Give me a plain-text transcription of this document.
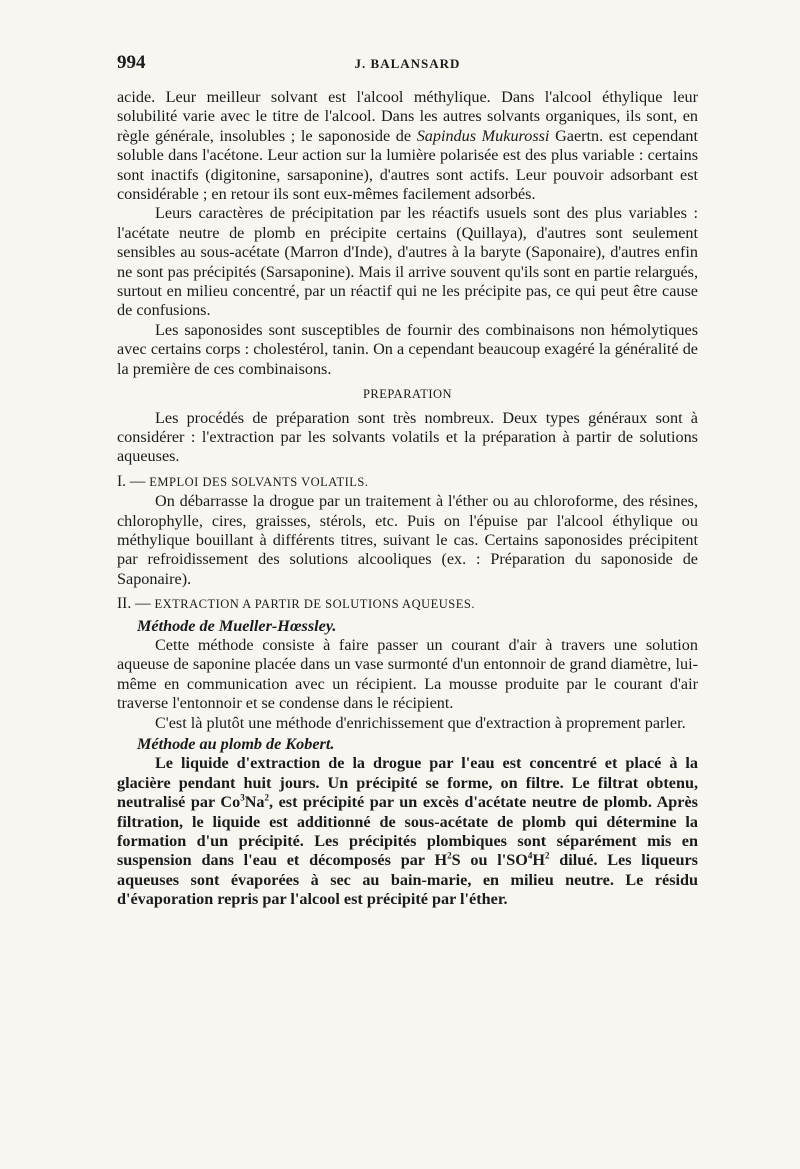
994	J. BALANSARD

acide. Leur meilleur solvant est l'alcool méthylique. Dans l'alcool éthylique leur solubilité varie avec le titre de l'alcool. Dans les autres solvants organiques, ils sont, en règle générale, insolubles ; le saponoside de Sapindus Mukurossi Gaertn. est cependant soluble dans l'acétone. Leur action sur la lumière polarisée est des plus variable : certains sont inactifs (digitonine, sarsaponine), d'autres sont actifs. Leur pouvoir adsorbant est considérable ; en retour ils sont eux-mêmes facilement adsorbés.

Leurs caractères de précipitation par les réactifs usuels sont des plus variables : l'acétate neutre de plomb en précipite certains (Quillaya), d'autres sont seulement sensibles au sous-acétate (Marron d'Inde), d'autres à la baryte (Saponaire), d'autres enfin ne sont pas précipités (Sarsaponine). Mais il arrive souvent qu'ils sont en partie relargués, surtout en milieu concentré, par un réactif qui ne les précipite pas, ce qui peut être cause de confusions.

Les saponosides sont susceptibles de fournir des combinaisons non hémolytiques avec certains corps : cholestérol, tanin. On a cependant beaucoup exagéré la généralité de la première de ces combinaisons.

PREPARATION

Les procédés de préparation sont très nombreux. Deux types généraux sont à considérer : l'extraction par les solvants volatils et la préparation à partir de solutions aqueuses.

I. — EMPLOI DES SOLVANTS VOLATILS.

On débarrasse la drogue par un traitement à l'éther ou au chloroforme, des résines, chlorophylle, cires, graisses, stérols, etc. Puis on l'épuise par l'alcool éthylique ou méthylique bouillant à différents titres, suivant le cas. Certains saponosides précipitent par refroidissement des solutions alcooliques (ex. : Préparation du saponoside de Saponaire).

II. — EXTRACTION A PARTIR DE SOLUTIONS AQUEUSES.

Méthode de Mueller-Hœssley.

Cette méthode consiste à faire passer un courant d'air à travers une solution aqueuse de saponine placée dans un vase surmonté d'un entonnoir de grand diamètre, lui-même en communication avec un récipient. La mousse produite par le courant d'air traverse l'entonnoir et se condense dans le récipient.

C'est là plutôt une méthode d'enrichissement que d'extraction à proprement parler.

Méthode au plomb de Kobert.

Le liquide d'extraction de la drogue par l'eau est concentré et placé à la glacière pendant huit jours. Un précipité se forme, on filtre. Le filtrat obtenu, neutralisé par Co$^3$Na$^2$, est précipité par un excès d'acétate neutre de plomb. Après filtration, le liquide est additionné de sous-acétate de plomb qui détermine la formation d'un précipité. Les précipités plombiques sont séparément mis en suspension dans l'eau et décomposés par $H^2S$ ou $l'SO^4H^2$ dilué. Les liqueurs aqueuses sont évaporées à sec au bain-marie, en milieu neutre. Le résidu d'évaporation repris par l'alcool est précipité par l'éther.
